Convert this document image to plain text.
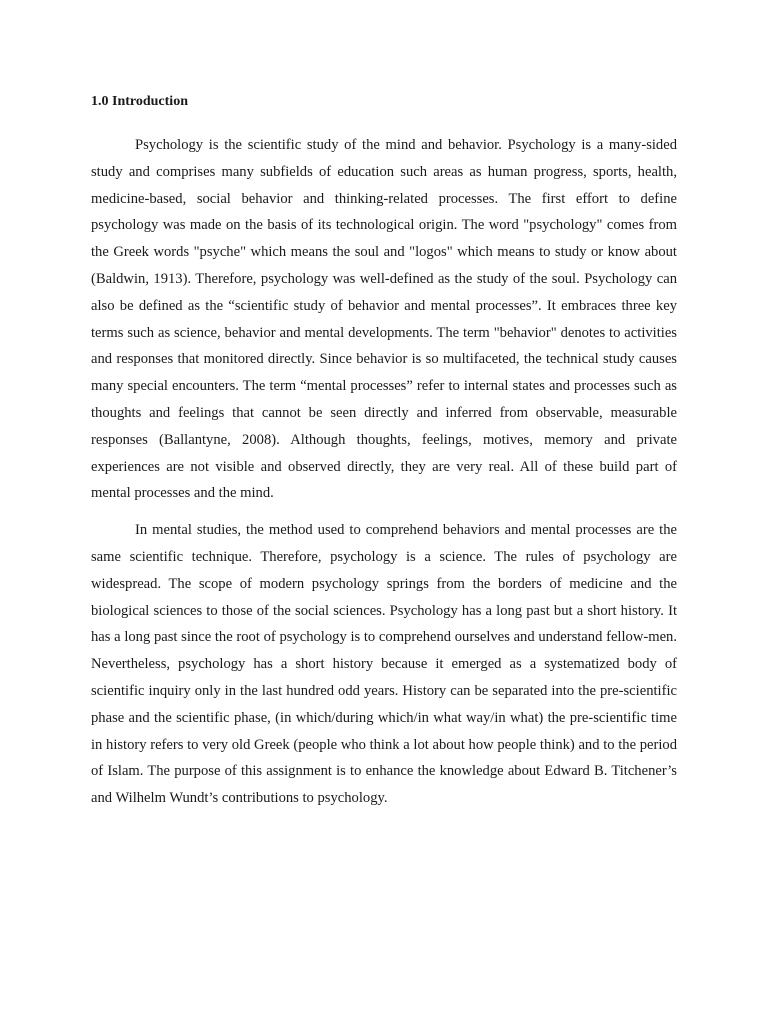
1.0 Introduction

Psychology is the scientific study of the mind and behavior. Psychology is a many-sided study and comprises many subfields of education such areas as human progress, sports, health, medicine-based, social behavior and thinking-related processes. The first effort to define psychology was made on the basis of its technological origin. The word "psychology" comes from the Greek words "psyche" which means the soul and "logos" which means to study or know about (Baldwin, 1913). Therefore, psychology was well-defined as the study of the soul. Psychology can also be defined as the “scientific study of behavior and mental processes”. It embraces three key terms such as science, behavior and mental developments. The term "behavior" denotes to activities and responses that monitored directly. Since behavior is so multifaceted, the technical study causes many special encounters. The term “mental processes” refer to internal states and processes such as thoughts and feelings that cannot be seen directly and inferred from observable, measurable responses (Ballantyne, 2008). Although thoughts, feelings, motives, memory and private experiences are not visible and observed directly, they are very real. All of these build part of mental processes and the mind.

In mental studies, the method used to comprehend behaviors and mental processes are the same scientific technique. Therefore, psychology is a science. The rules of psychology are widespread. The scope of modern psychology springs from the borders of medicine and the biological sciences to those of the social sciences. Psychology has a long past but a short history. It has a long past since the root of psychology is to comprehend ourselves and understand fellow-men. Nevertheless, psychology has a short history because it emerged as a systematized body of scientific inquiry only in the last hundred odd years. History can be separated into the pre-scientific phase and the scientific phase, (in which/during which/in what way/in what) the pre-scientific time in history refers to very old Greek (people who think a lot about how people think) and to the period of Islam. The purpose of this assignment is to enhance the knowledge about Edward B. Titchener’s and Wilhelm Wundt’s contributions to psychology.
